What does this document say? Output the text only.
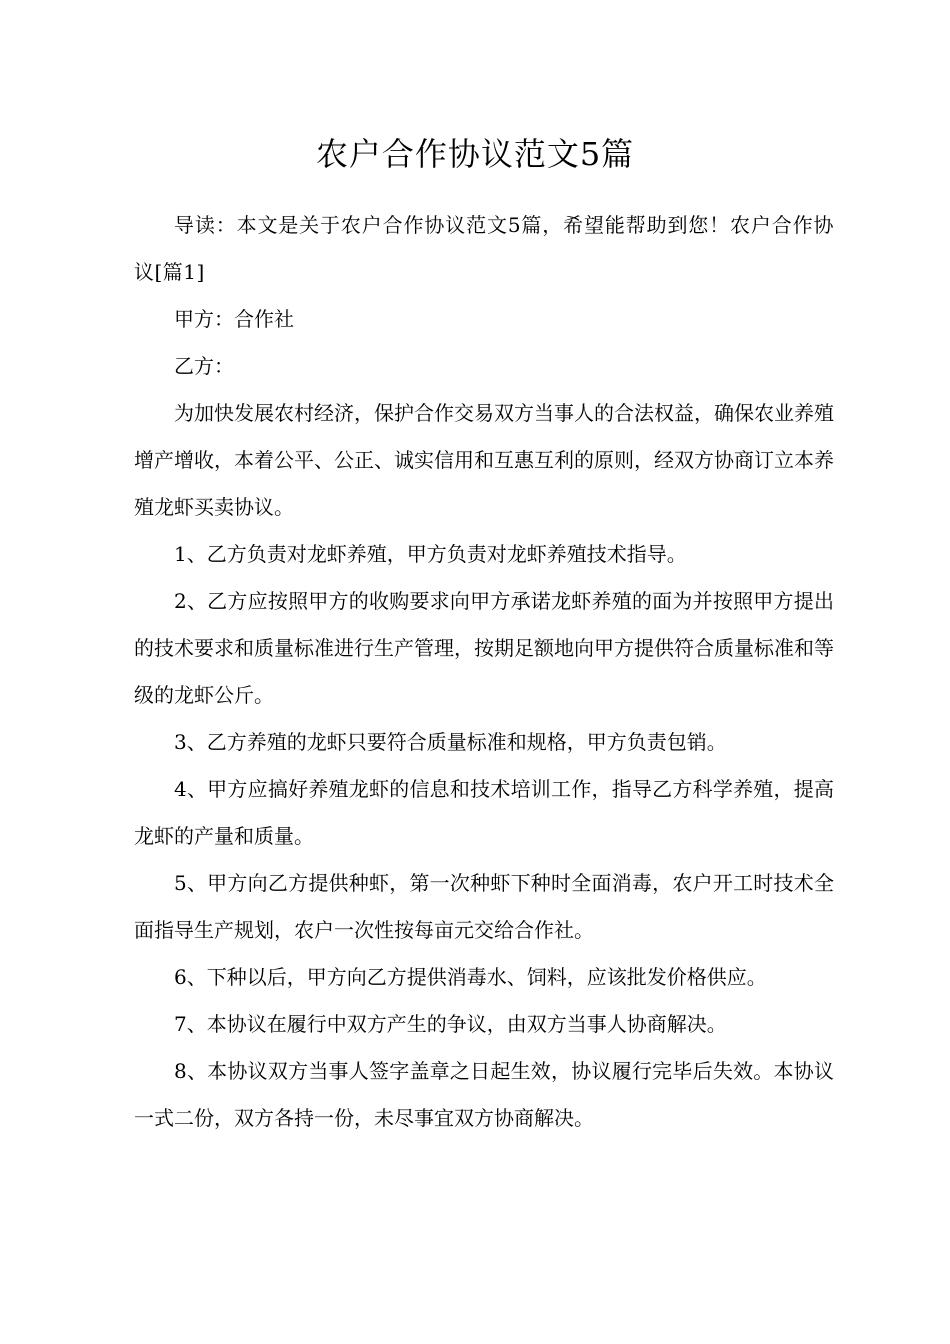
农户合作协议范文5篇

导读：本文是关于农户合作协议范文5篇，希望能帮助到您！农户合作协议[篇1]

甲方：合作社

乙方：

为加快发展农村经济，保护合作交易双方当事人的合法权益，确保农业养殖增产增收，本着公平、公正、诚实信用和互惠互利的原则，经双方协商订立本养殖龙虾买卖协议。

1、乙方负责对龙虾养殖，甲方负责对龙虾养殖技术指导。

2、乙方应按照甲方的收购要求向甲方承诺龙虾养殖的面为并按照甲方提出的技术要求和质量标准进行生产管理，按期足额地向甲方提供符合质量标准和等级的龙虾公斤。

3、乙方养殖的龙虾只要符合质量标准和规格，甲方负责包销。

4、甲方应搞好养殖龙虾的信息和技术培训工作，指导乙方科学养殖，提高龙虾的产量和质量。

5、甲方向乙方提供种虾，第一次种虾下种时全面消毒，农户开工时技术全面指导生产规划，农户一次性按每亩元交给合作社。

6、下种以后，甲方向乙方提供消毒水、饲料，应该批发价格供应。

7、本协议在履行中双方产生的争议，由双方当事人协商解决。

8、本协议双方当事人签字盖章之日起生效，协议履行完毕后失效。本协议一式二份，双方各持一份，未尽事宜双方协商解决。
